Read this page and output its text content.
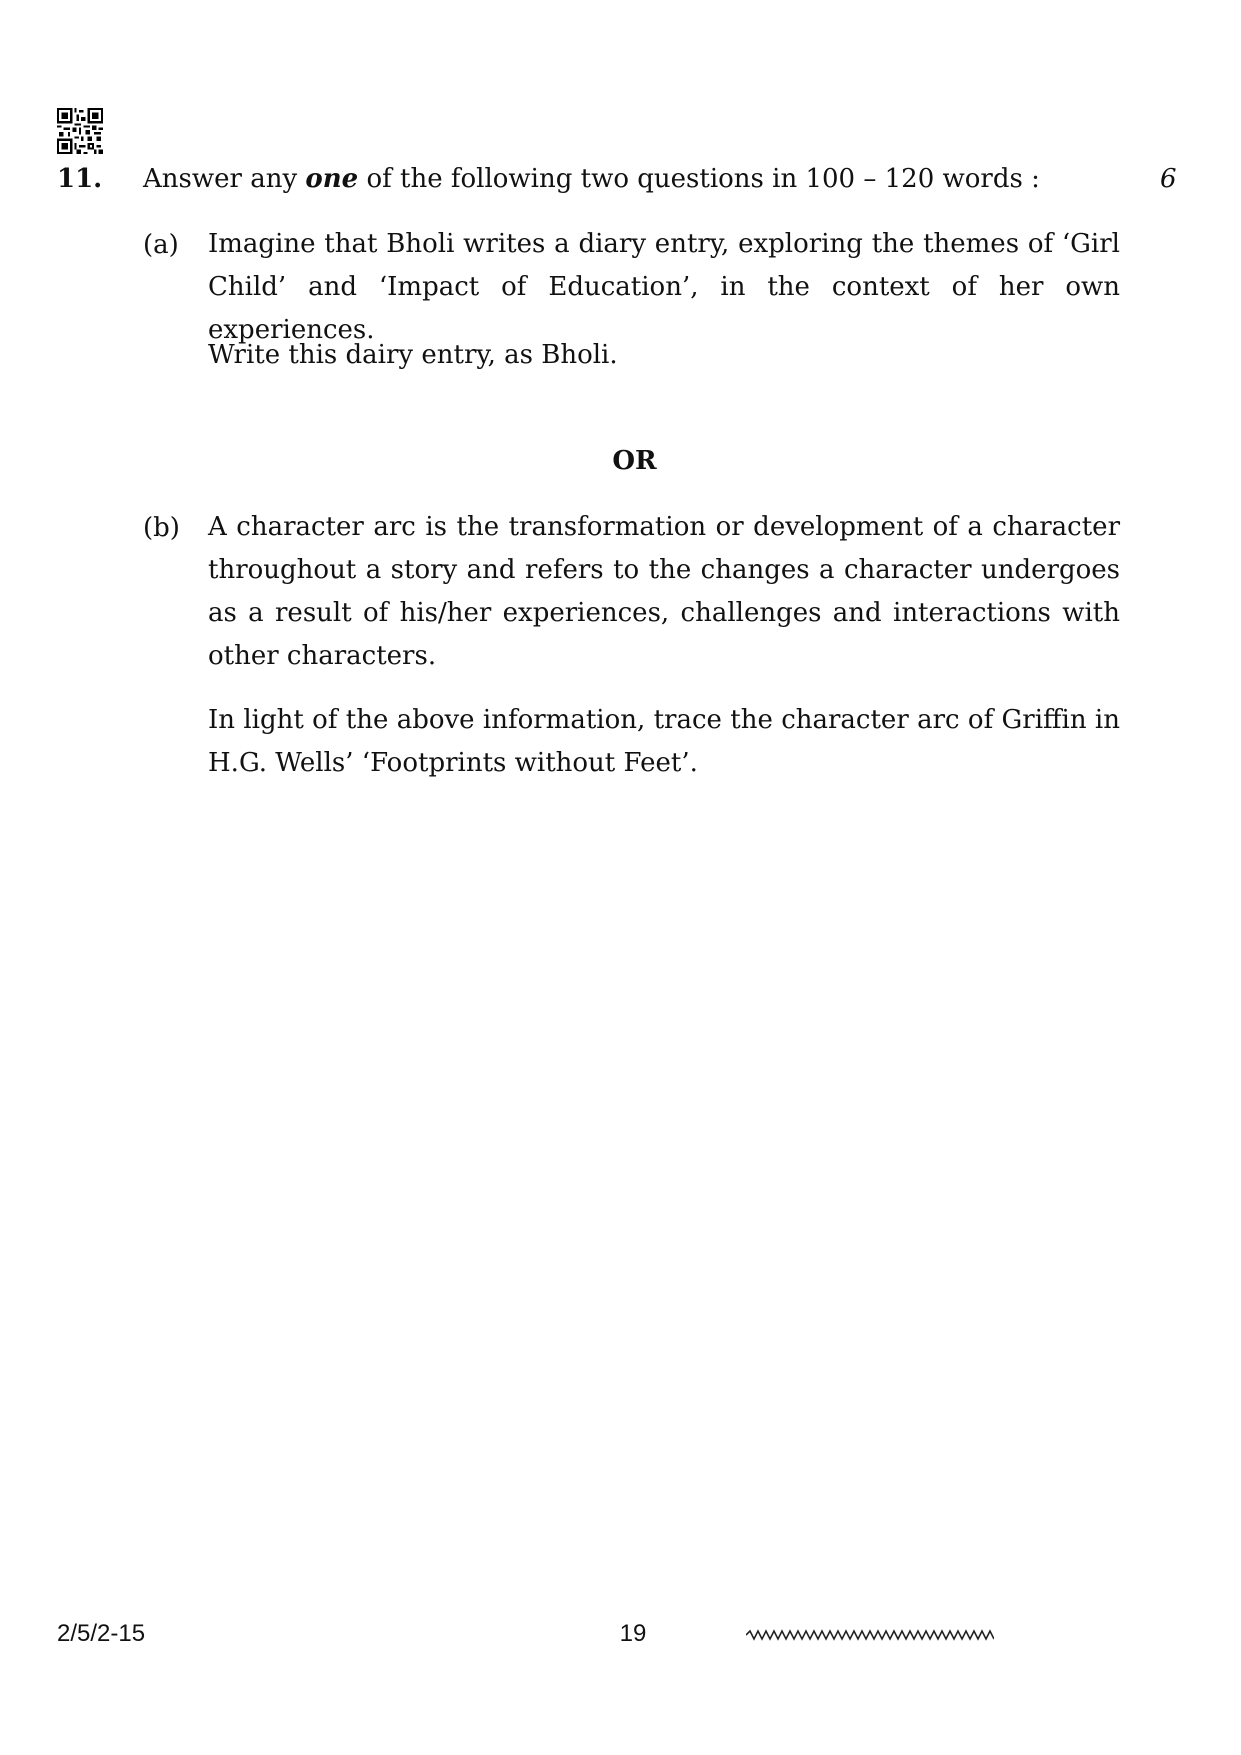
11. Answer any one of the following two questions in 100 – 120 words :	6
(a) Imagine that Bholi writes a diary entry, exploring the themes of ‘Girl Child’ and ‘Impact of Education’, in the context of her own experiences.
Write this dairy entry, as Bholi.
OR
(b) A character arc is the transformation or development of a character throughout a story and refers to the changes a character undergoes as a result of his/her experiences, challenges and interactions with other characters.
In light of the above information, trace the character arc of Griffin in H.G. Wells’ ‘Footprints without Feet’.
2/5/2-15	19
